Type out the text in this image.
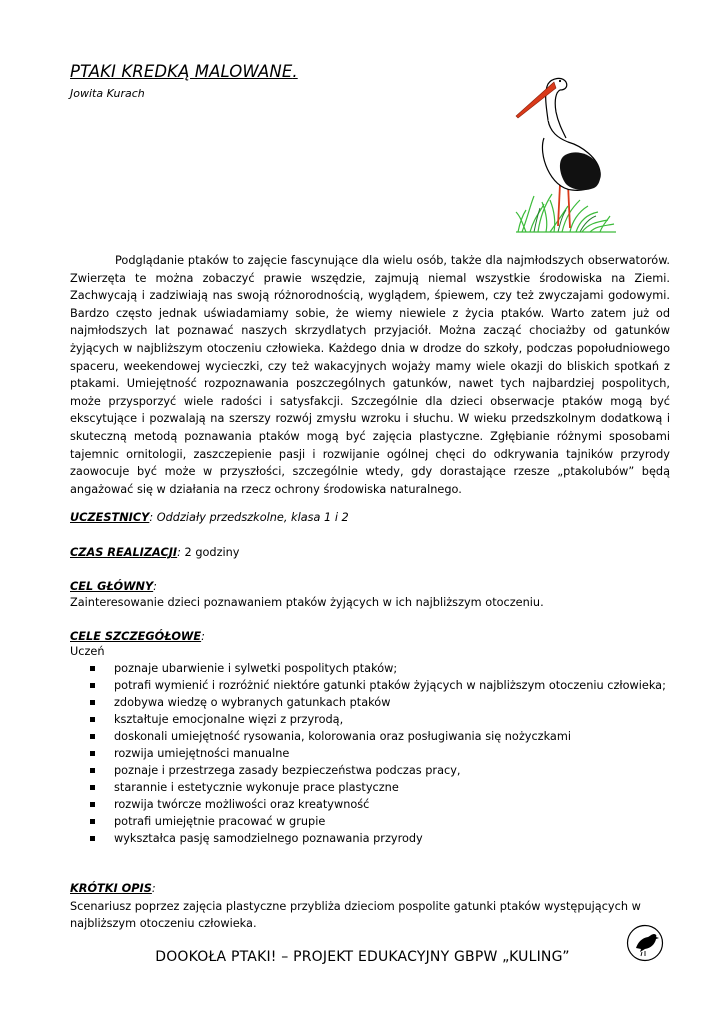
PTAKI KREDKĄ MALOWANE.
Jowita Kurach

Podglądanie ptaków to zajęcie fascynujące dla wielu osób, także dla najmłodszych obserwatorów. Zwierzęta te można zobaczyć prawie wszędzie, zajmują niemal wszystkie środowiska na Ziemi. Zachwycają i zadziwiają nas swoją różnorodnością, wyglądem, śpiewem, czy też zwyczajami godowymi. Bardzo często jednak uświadamiamy sobie, że wiemy niewiele z życia ptaków. Warto zatem już od najmłodszych lat poznawać naszych skrzydlatych przyjaciół. Można zacząć chociażby od gatunków żyjących w najbliższym otoczeniu człowieka. Każdego dnia w drodze do szkoły, podczas popołudniowego spaceru, weekendowej wycieczki, czy też wakacyjnych wojaży mamy wiele okazji do bliskich spotkań z ptakami. Umiejętność rozpoznawania poszczególnych gatunków, nawet tych najbardziej pospolitych, może przysporzyć wiele radości i satysfakcji. Szczególnie dla dzieci obserwacje ptaków mogą być ekscytujące i pozwalają na szerszy rozwój zmysłu wzroku i słuchu. W wieku przedszkolnym dodatkową i skuteczną metodą poznawania ptaków mogą być zajęcia plastyczne. Zgłębianie różnymi sposobami tajemnic ornitologii, zaszczepienie pasji i rozwijanie ogólnej chęci do odkrywania tajników przyrody zaowocuje być może w przyszłości, szczególnie wtedy, gdy dorastające rzesze „ptakolubów” będą angażować się w działania na rzecz ochrony środowiska naturalnego.

UCZESTNICY: Oddziały przedszkolne, klasa 1 i 2

CZAS REALIZACJI: 2 godziny

CEL GŁÓWNY:

Zainteresowanie dzieci poznawaniem ptaków żyjących w ich najbliższym otoczeniu.

CELE SZCZEGÓŁOWE:

Uczeń

poznaje ubarwienie i sylwetki pospolitych ptaków;
potrafi wymienić i rozróżnić niektóre gatunki ptaków żyjących w najbliższym otoczeniu człowieka;
zdobywa wiedzę o wybranych gatunkach ptaków
kształtuje emocjonalne więzi z przyrodą,
doskonali umiejętność rysowania, kolorowania oraz posługiwania się nożyczkami
rozwija umiejętności manualne
poznaje i przestrzega zasady bezpieczeństwa podczas pracy,
starannie i estetycznie wykonuje prace plastyczne
rozwija twórcze możliwości oraz kreatywność
potrafi umiejętnie pracować w grupie
wykształca pasję samodzielnego poznawania przyrody

KRÓTKI OPIS:

Scenariusz poprzez zajęcia plastyczne przybliża dzieciom pospolite gatunki ptaków występujących w najbliższym otoczeniu człowieka.

DOOKOŁA PTAKI! – PROJEKT EDUKACYJNY GBPW „KULING”
